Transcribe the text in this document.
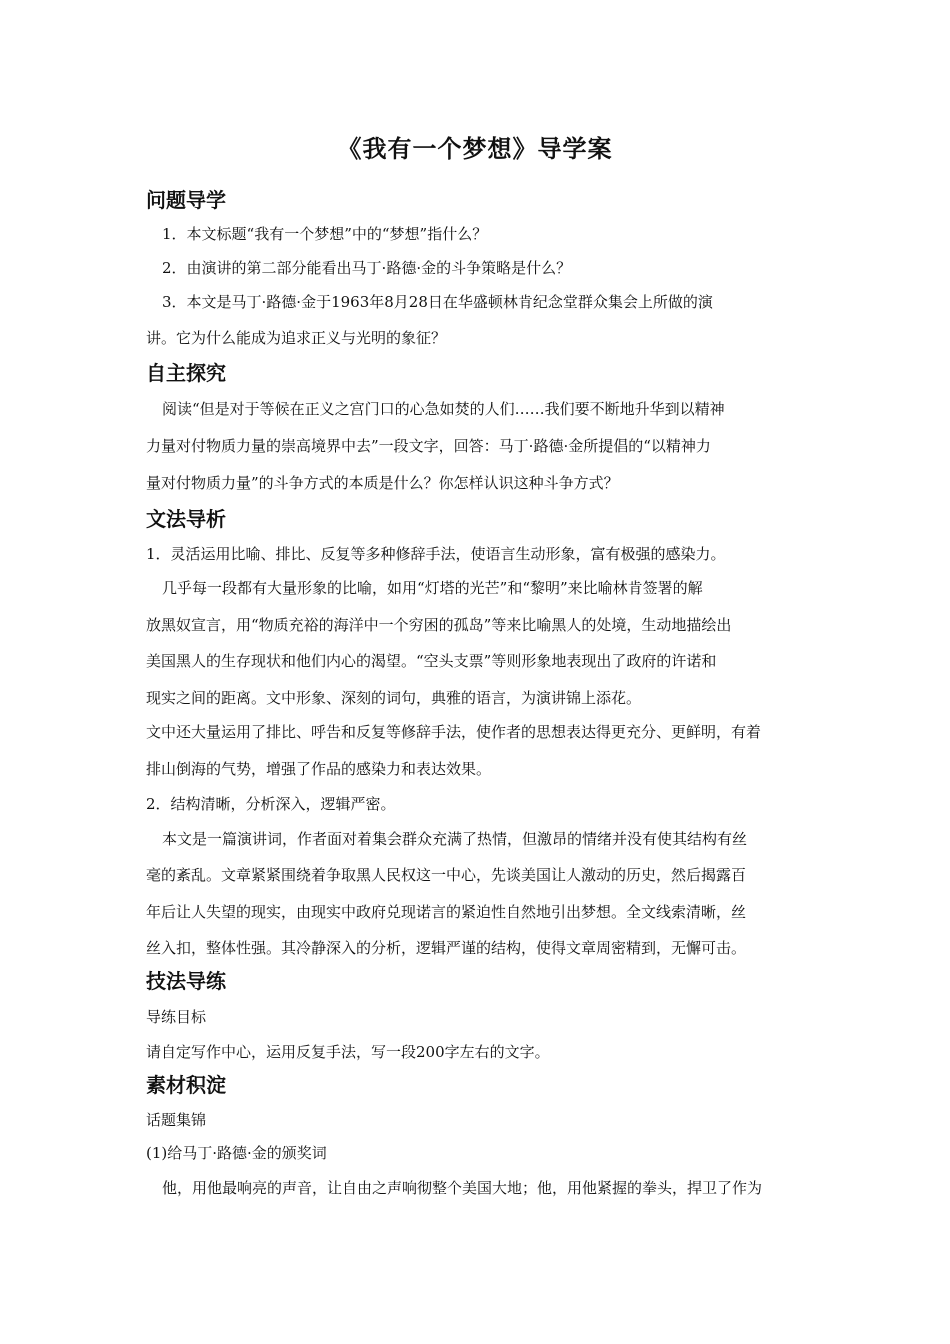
《我有一个梦想》导学案
问题导学
1．本文标题“我有一个梦想”中的“梦想”指什么？
2．由演讲的第二部分能看出马丁·路德·金的斗争策略是什么？
3．本文是马丁·路德·金于1963年8月28日在华盛顿林肯纪念堂群众集会上所做的演
讲。它为什么能成为追求正义与光明的象征？
自主探究
阅读“但是对于等候在正义之宫门口的心急如焚的人们……我们要不断地升华到以精神
力量对付物质力量的崇高境界中去”一段文字，回答：马丁·路德·金所提倡的“以精神力
量对付物质力量”的斗争方式的本质是什么？你怎样认识这种斗争方式？
文法导析
1．灵活运用比喻、排比、反复等多种修辞手法，使语言生动形象，富有极强的感染力。
几乎每一段都有大量形象的比喻，如用“灯塔的光芒”和“黎明”来比喻林肯签署的解
放黑奴宣言，用“物质充裕的海洋中一个穷困的孤岛”等来比喻黑人的处境，生动地描绘出
美国黑人的生存现状和他们内心的渴望。“空头支票”等则形象地表现出了政府的许诺和
现实之间的距离。文中形象、深刻的词句，典雅的语言，为演讲锦上添花。
文中还大量运用了排比、呼告和反复等修辞手法，使作者的思想表达得更充分、更鲜明，有着
排山倒海的气势，增强了作品的感染力和表达效果。
2．结构清晰，分析深入，逻辑严密。
本文是一篇演讲词，作者面对着集会群众充满了热情，但激昂的情绪并没有使其结构有丝
毫的紊乱。文章紧紧围绕着争取黑人民权这一中心，先谈美国让人激动的历史，然后揭露百
年后让人失望的现实，由现实中政府兑现诺言的紧迫性自然地引出梦想。全文线索清晰，丝
丝入扣，整体性强。其冷静深入的分析，逻辑严谨的结构，使得文章周密精到，无懈可击。
技法导练
导练目标
请自定写作中心，运用反复手法，写一段200字左右的文字。
素材积淀
话题集锦
(1)给马丁·路德·金的颁奖词
他，用他最响亮的声音，让自由之声响彻整个美国大地；他，用他紧握的拳头，捍卫了作为
